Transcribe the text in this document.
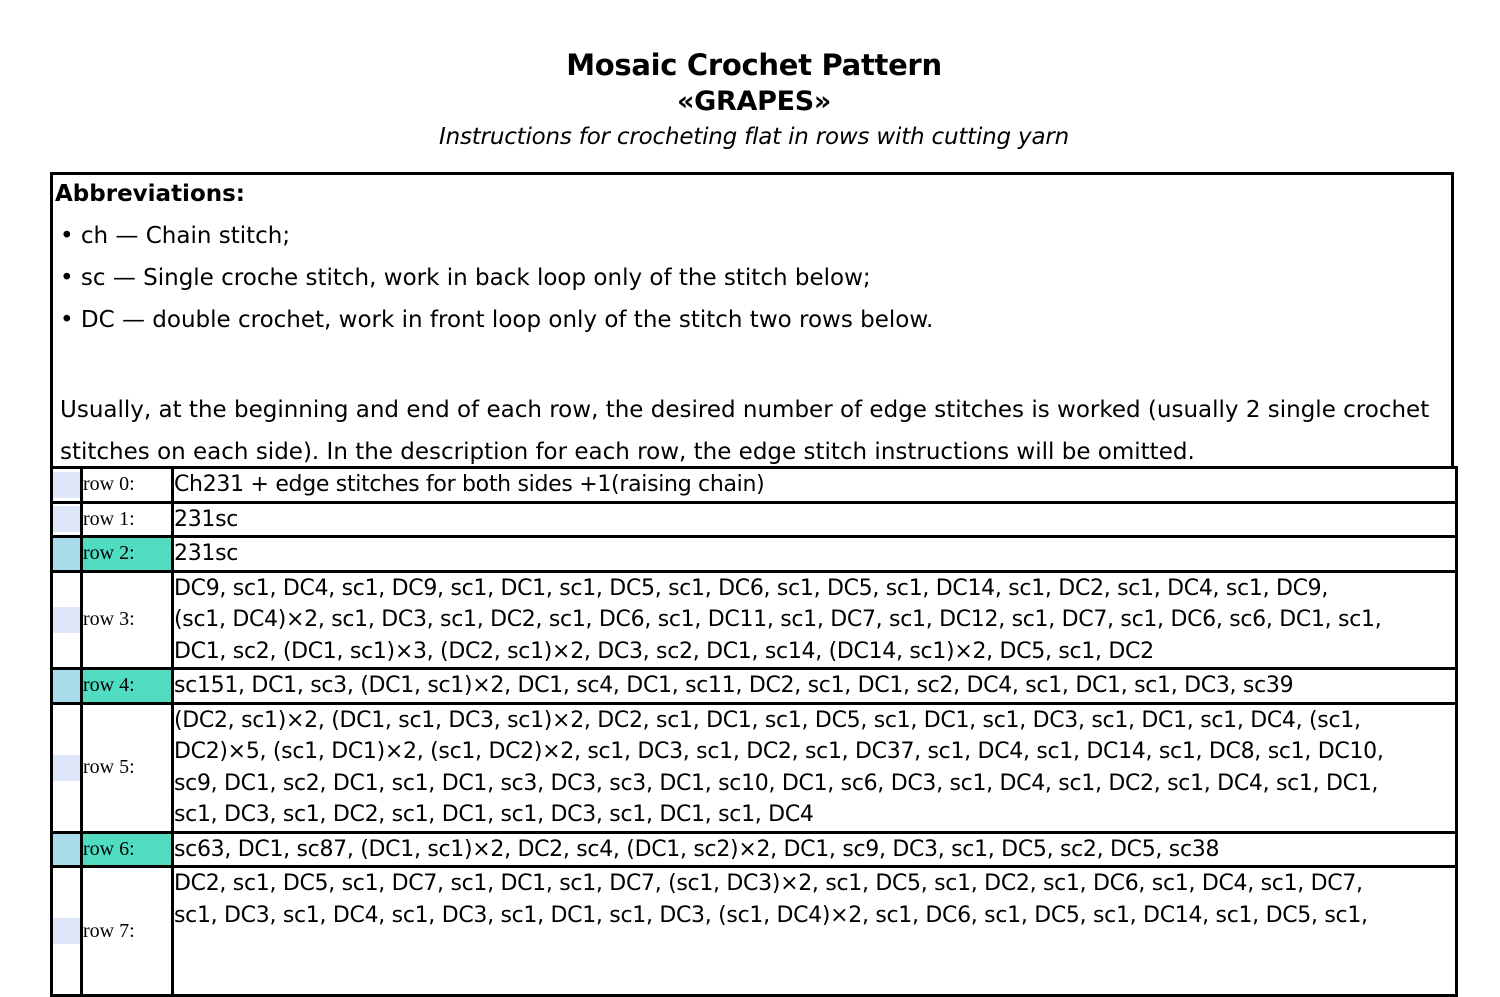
Mosaic Crochet Pattern
«GRAPES»
Instructions for crocheting flat in rows with cutting yarn
Abbreviations:
• ch — Chain stitch;
• sc — Single croche stitch, work in back loop only of the stitch below;
• DC — double crochet, work in front loop only of the stitch two rows below.
Usually, at the beginning and end of each row, the desired number of edge stitches is worked (usually 2 single crochet stitches on each side). In the description for each row, the edge stitch instructions will be omitted.
	row 0:	Ch231 + edge stitches for both sides +1(raising chain)

	row 1:	231sc

	row 2:	231sc

	row 3:	DC9, sc1, DC4, sc1, DC9, sc1, DC1, sc1, DC5, sc1, DC6, sc1, DC5, sc1, DC14, sc1, DC2, sc1, DC4, sc1, DC9,
(sc1, DC4)×2, sc1, DC3, sc1, DC2, sc1, DC6, sc1, DC11, sc1, DC7, sc1, DC12, sc1, DC7, sc1, DC6, sc6, DC1, sc1,
DC1, sc2, (DC1, sc1)×3, (DC2, sc1)×2, DC3, sc2, DC1, sc14, (DC14, sc1)×2, DC5, sc1, DC2

	row 4:	sc151, DC1, sc3, (DC1, sc1)×2, DC1, sc4, DC1, sc11, DC2, sc1, DC1, sc2, DC4, sc1, DC1, sc1, DC3, sc39

	row 5:	(DC2, sc1)×2, (DC1, sc1, DC3, sc1)×2, DC2, sc1, DC1, sc1, DC5, sc1, DC1, sc1, DC3, sc1, DC1, sc1, DC4, (sc1,
DC2)×5, (sc1, DC1)×2, (sc1, DC2)×2, sc1, DC3, sc1, DC2, sc1, DC37, sc1, DC4, sc1, DC14, sc1, DC8, sc1, DC10,
sc9, DC1, sc2, DC1, sc1, DC1, sc3, DC3, sc3, DC1, sc10, DC1, sc6, DC3, sc1, DC4, sc1, DC2, sc1, DC4, sc1, DC1,
sc1, DC3, sc1, DC2, sc1, DC1, sc1, DC3, sc1, DC1, sc1, DC4

	row 6:	sc63, DC1, sc87, (DC1, sc1)×2, DC2, sc4, (DC1, sc2)×2, DC1, sc9, DC3, sc1, DC5, sc2, DC5, sc38

	row 7:	DC2, sc1, DC5, sc1, DC7, sc1, DC1, sc1, DC7, (sc1, DC3)×2, sc1, DC5, sc1, DC2, sc1, DC6, sc1, DC4, sc1, DC7,
sc1, DC3, sc1, DC4, sc1, DC3, sc1, DC1, sc1, DC3, (sc1, DC4)×2, sc1, DC6, sc1, DC5, sc1, DC14, sc1, DC5, sc1,
